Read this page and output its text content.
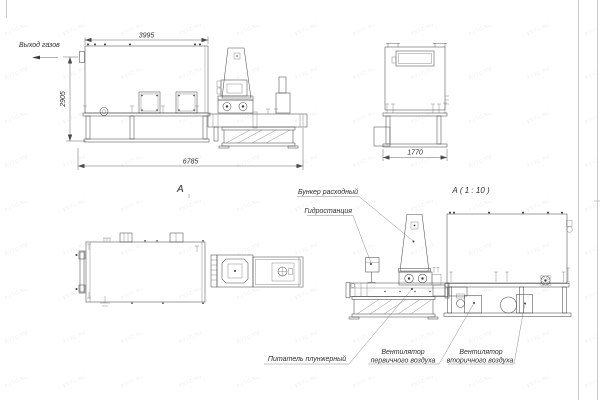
3995
2905
6785
Выход газов
А
1770
А ( 1 : 10 )
Бункер расходный
Гидростанция
Питатель плунжерный
Вентилятор
первичного воздуха
Вентилятор
вторичного воздуха
